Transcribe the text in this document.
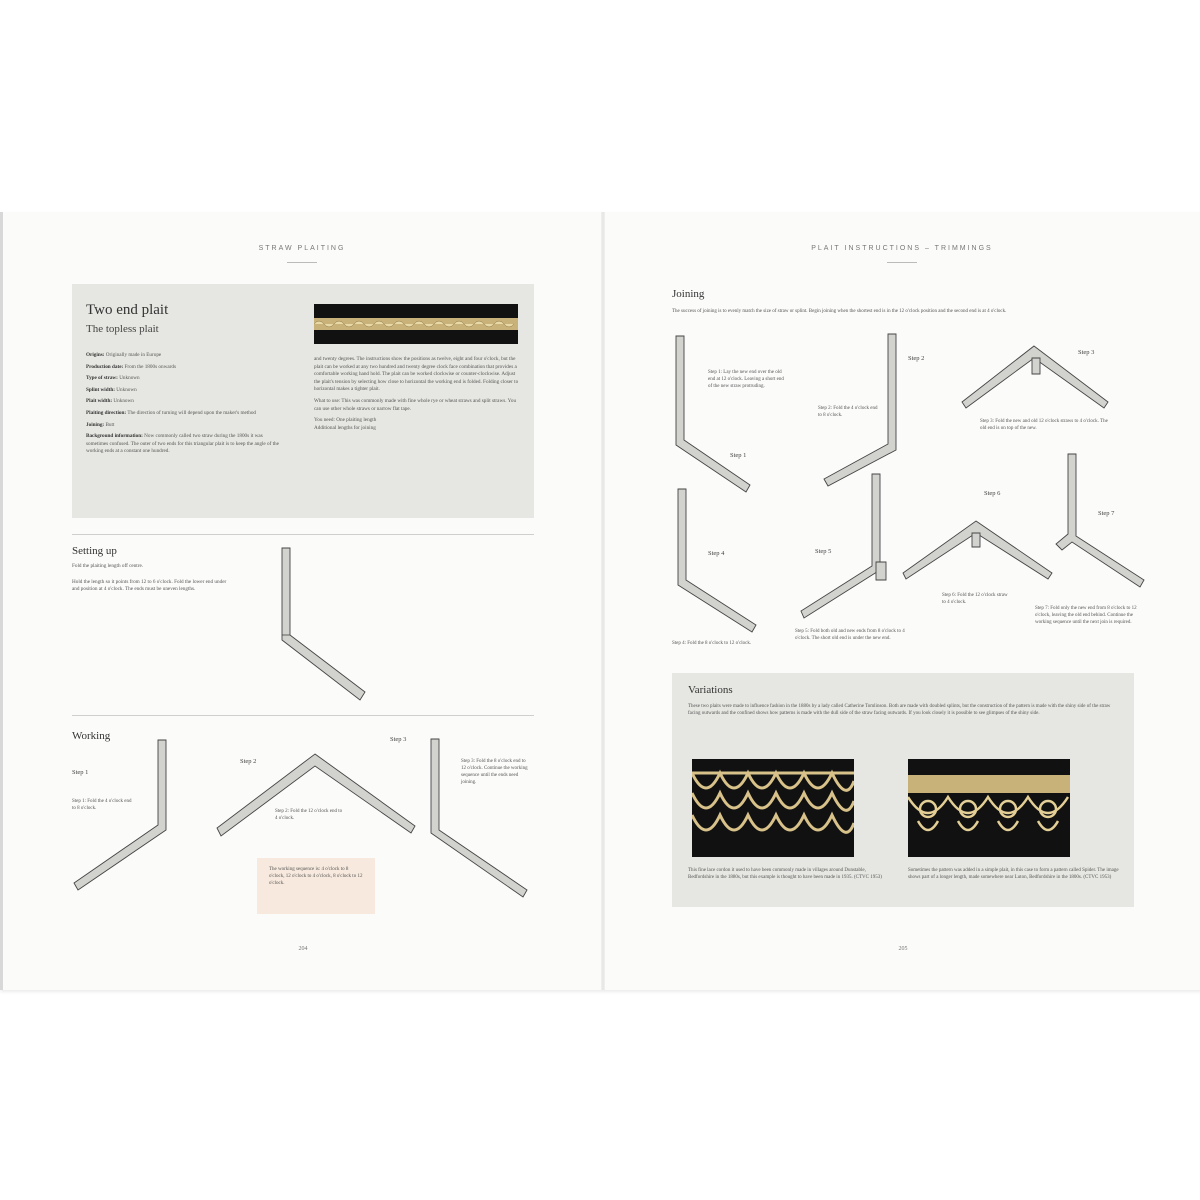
STRAW PLAITING
Two end plait
The topless plait
Origins: Originally made in Europe
Production date: From the 1800s onwards
Type of straw: Unknown
Splint width: Unknown
Plait width: Unknown
Plaiting direction: The direction of turning will depend upon the maker's method
Joining: Butt
Background information: Now commonly called two straw during the 1800s it was sometimes confused. The outer of two ends for this triangular plait is to keep the angle of the working ends at a constant one hundred.
and twenty degrees. The instructions show the positions as twelve, eight and four o'clock, but the plait can be worked at any two hundred and twenty degree clock face combination that provides a comfortable working hand hold. The plait can be worked clockwise or counter-clockwise. Adjust the plait's tension by selecting how close to horizontal the working end is folded. Folding closer to horizontal makes a tighter plait.
What to use: This was commonly made with fine whole rye or wheat straws and split straws. You can use other whole straws or narrow flat tape.
You need: One plaiting length
Additional lengths for joining
Setting up
Fold the plaiting length off centre.
Hold the length so it points from 12 to 6 o'clock. Fold the lower end under and position at 4 o'clock. The ends must be uneven lengths.
Working
Step 1
Step 1: Fold the 4 o'clock end to 8 o'clock.
Step 2
Step 2: Fold the 12 o'clock end to 4 o'clock.
Step 3
Step 3: Fold the 8 o'clock end to 12 o'clock. Continue the working sequence until the ends need joining.
The working sequence is: 4 o'clock to 8 o'clock, 12 o'clock to 4 o'clock, 8 o'clock to 12 o'clock.
204
PLAIT INSTRUCTIONS – TRIMMINGS
Joining
The success of joining is to evenly match the size of straw or splint. Begin joining when the shortest end is in the 12 o'clock position and the second end is at 4 o'clock.
Step 1: Lay the new end over the old end at 12 o'clock. Leaving a short end of the new straw protruding.
Step 1
Step 2: Fold the 4 o'clock end to 8 o'clock.
Step 2
Step 3
Step 3: Fold the new and old 12 o'clock straws to 4 o'clock. The old end is on top of the new.
Step 4
Step 4: Fold the 8 o'clock to 12 o'clock.
Step 5
Step 5: Fold both old and new ends from 8 o'clock to 4 o'clock. The short old end is under the new end.
Step 6
Step 6: Fold the 12 o'clock straw to 4 o'clock.
Step 7
Step 7: Fold only the new end from 8 o'clock to 12 o'clock, leaving the old end behind. Continue the working sequence until the next join is required.
Variations
These two plaits were made to influence fashion in the 1880s by a lady called Catherine Tomlinson. Both are made with doubled splints, but the construction of the pattern is made with the shiny side of the straw facing outwards and the confined shows how patterns is made with the dull side of the straw facing outwards. If you look closely it is possible to see glimpses of the shiny side.
This fine lace cordon it used to have been commonly made in villages around Dunstable, Bedfordshire in the 1880s, but this example is thought to have been made in 1935. (CTVC 1953)
Sometimes the pattern was added in a simple plait, in this case to form a pattern called Spider. The image shows part of a longer length, made somewhere near Luton, Bedfordshire in the 1800s. (CTVC 1953)
205
